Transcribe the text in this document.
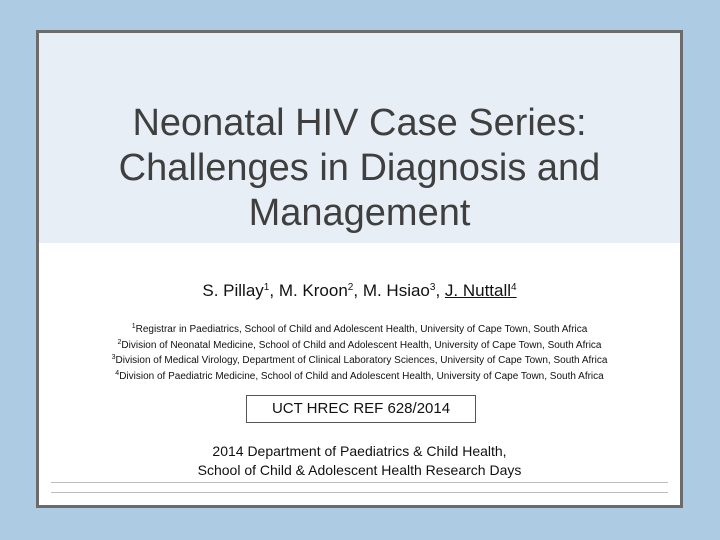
Neonatal HIV Case Series:
Challenges in Diagnosis and
Management
S. Pillay$^1$, M. Kroon$^2$, M. Hsiao$^3$, J. Nuttall$^4$
$^1$Registrar in Paediatrics, School of Child and Adolescent Health, University of Cape Town, South Africa
$^2$Division of Neonatal Medicine, School of Child and Adolescent Health, University of Cape Town, South Africa
$^3$Division of Medical Virology, Department of Clinical Laboratory Sciences, University of Cape Town, South Africa
$^4$Division of Paediatric Medicine, School of Child and Adolescent Health, University of Cape Town, South Africa
UCT HREC REF 628/2014
2014 Department of Paediatrics & Child Health,
School of Child & Adolescent Health Research Days
